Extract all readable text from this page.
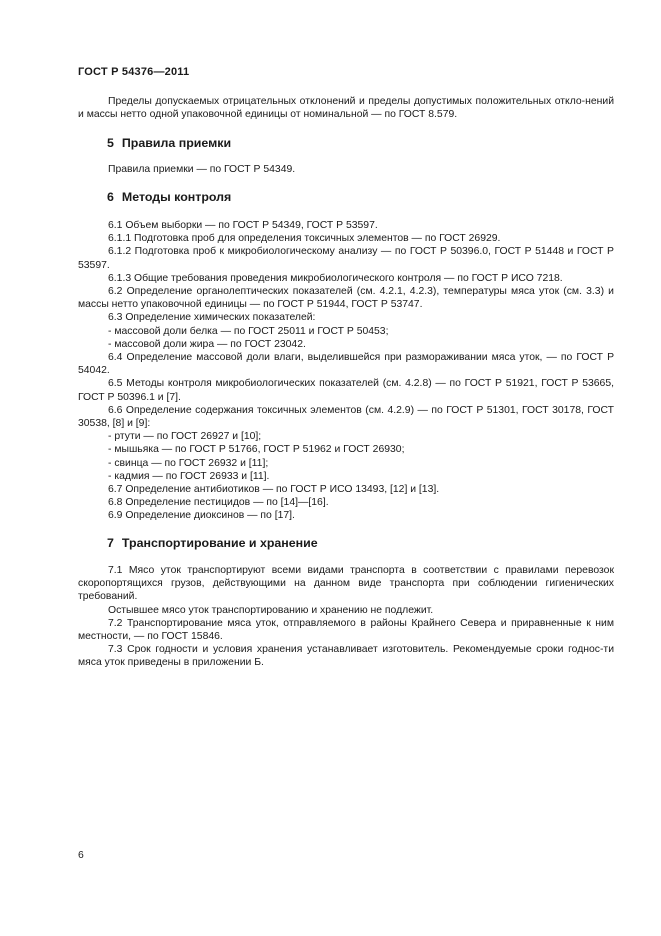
ГОСТ Р 54376—2011

Пределы допускаемых отрицательных отклонений и пределы допустимых положительных откло-нений и массы нетто одной упаковочной единицы от номинальной — по ГОСТ 8.579.

5 Правила приемки

Правила приемки — по ГОСТ Р 54349.

6 Методы контроля

6.1 Объем выборки — по ГОСТ Р 54349, ГОСТ Р 53597.

6.1.1 Подготовка проб для определения токсичных элементов — по ГОСТ 26929.

6.1.2 Подготовка проб к микробиологическому анализу — по ГОСТ Р 50396.0, ГОСТ Р 51448 и ГОСТ Р 53597.

6.1.3 Общие требования проведения микробиологического контроля — по ГОСТ Р ИСО 7218.

6.2 Определение органолептических показателей (см. 4.2.1, 4.2.3), температуры мяса уток (см. 3.3) и массы нетто упаковочной единицы — по ГОСТ Р 51944, ГОСТ Р 53747.

6.3 Определение химических показателей:

- массовой доли белка — по ГОСТ 25011 и ГОСТ Р 50453;

- массовой доли жира — по ГОСТ 23042.

6.4 Определение массовой доли влаги, выделившейся при размораживании мяса уток, — по ГОСТ Р 54042.

6.5 Методы контроля микробиологических показателей (см. 4.2.8) — по ГОСТ Р 51921, ГОСТ Р 53665, ГОСТ Р 50396.1 и [7].

6.6 Определение содержания токсичных элементов (см. 4.2.9) — по ГОСТ Р 51301, ГОСТ 30178, ГОСТ 30538, [8] и [9]:

- ртути — по ГОСТ 26927 и [10];

- мышьяка — по ГОСТ Р 51766, ГОСТ Р 51962 и ГОСТ 26930;

- свинца — по ГОСТ 26932 и [11];

- кадмия — по ГОСТ 26933 и [11].

6.7 Определение антибиотиков — по ГОСТ Р ИСО 13493, [12] и [13].

6.8 Определение пестицидов — по [14]—[16].

6.9 Определение диоксинов — по [17].

7 Транспортирование и хранение

7.1 Мясо уток транспортируют всеми видами транспорта в соответствии с правилами перевозок скоропортящихся грузов, действующими на данном виде транспорта при соблюдении гигиенических требований.

Остывшее мясо уток транспортированию и хранению не подлежит.

7.2 Транспортирование мяса уток, отправляемого в районы Крайнего Севера и приравненные к ним местности, — по ГОСТ 15846.

7.3 Срок годности и условия хранения устанавливает изготовитель. Рекомендуемые сроки годнос-ти мяса уток приведены в приложении Б.

6
